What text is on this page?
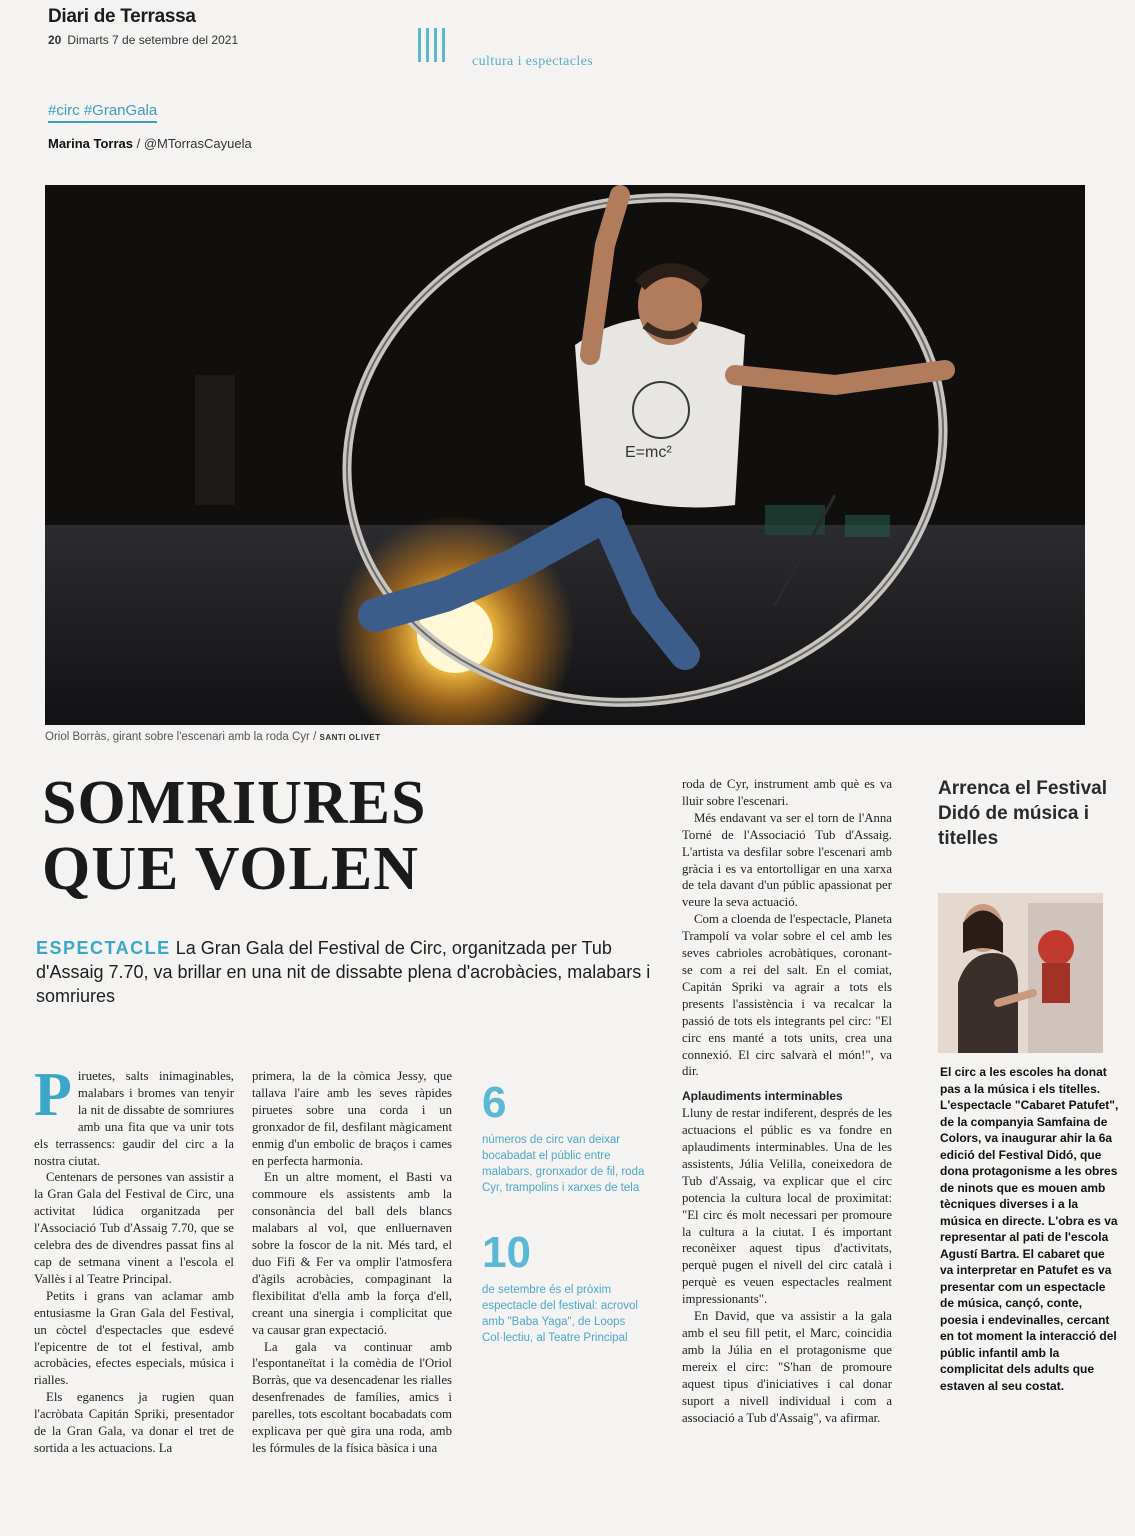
Diari de Terrassa
20 Dimarts 7 de setembre del 2021
cultura i espectacles
#circ #GranGala
Marina Torras / @MTorrasCayuela
E=mc²
Oriol Borràs, girant sobre l'escenari amb la roda Cyr / SANTI OLIVET
SOMRIURES
QUE VOLEN
ESPECTACLE La Gran Gala del Festival de Circ, organitzada per Tub d'Assaig 7.70, va brillar en una nit de dissabte plena d'acrobàcies, malabars i somriures

Piruetes, salts inimaginables, malabars i bromes van tenyir la nit de dissabte de somriures amb una fita que va unir tots els terrassencs: gaudir del circ a la nostra ciutat.

Centenars de persones van assistir a la Gran Gala del Festival de Circ, una activitat lúdica organitzada per l'Associació Tub d'Assaig 7.70, que se celebra des de divendres passat fins al cap de setmana vinent a l'escola el Vallès i al Teatre Principal.

Petits i grans van aclamar amb entusiasme la Gran Gala del Festival, un còctel d'espectacles que esdevé l'epicentre de tot el festival, amb acrobàcies, efectes especials, música i rialles.

Els eganencs ja rugien quan l'acròbata Capitán Spriki, presentador de la Gran Gala, va donar el tret de sortida a les actuacions. La

primera, la de la còmica Jessy, que tallava l'aire amb les seves ràpides piruetes sobre una corda i un gronxador de fil, desfilant màgicament enmig d'un embolic de braços i cames en perfecta harmonia.

En un altre moment, el Basti va commoure els assistents amb la consonància del ball dels blancs malabars al vol, que enlluernaven sobre la foscor de la nit. Més tard, el duo Fifi & Fer va omplir l'atmosfera d'àgils acrobàcies, compaginant la flexibilitat d'ella amb la força d'ell, creant una sinergia i complicitat que va causar gran expectació.

La gala va continuar amb l'espontaneïtat i la comèdia de l'Oriol Borràs, que va desencadenar les rialles desenfrenades de famílies, amics i parelles, tots escoltant bocabadats com explicava per què gira una roda, amb les fórmules de la física bàsica i una

6
números de circ van deixar bocabadat el públic entre malabars, gronxador de fil, roda Cyr, trampolins i xarxes de tela
10
de setembre és el pròxim espectacle del festival: acrovol amb "Baba Yaga", de Loops Col·lectiu, al Teatre Principal

roda de Cyr, instrument amb què es va lluir sobre l'escenari.

Més endavant va ser el torn de l'Anna Torné de l'Associació Tub d'Assaig. L'artista va desfilar sobre l'escenari amb gràcia i es va entortolligar en una xarxa de tela davant d'un públic apassionat per veure la seva actuació.

Com a cloenda de l'espectacle, Planeta Trampolí va volar sobre el cel amb les seves cabrioles acrobàtiques, coronant-se com a rei del salt. En el comiat, Capitán Spriki va agrair a tots els presents l'assistència i va recalcar la passió de tots els integrants pel circ: "El circ ens manté a tots units, crea una connexió. El circ salvarà el món!", va dir.

Aplaudiments interminables

Lluny de restar indiferent, després de les actuacions el públic es va fondre en aplaudiments interminables. Una de les assistents, Júlia Velilla, coneixedora de Tub d'Assaig, va explicar que el circ potencia la cultura local de proximitat: "El circ és molt necessari per promoure la cultura a la ciutat. I és important reconèixer aquest tipus d'activitats, perquè pugen el nivell del circ català i perquè es veuen espectacles realment impressionants".

En David, que va assistir a la gala amb el seu fill petit, el Marc, coincidia amb la Júlia en el protagonisme que mereix el circ: "S'han de promoure aquest tipus d'iniciatives i cal donar suport a nivell individual i com a associació a Tub d'Assaig", va afirmar.

Arrenca el Festival Didó de música i titelles
El circ a les escoles ha donat pas a la música i els titelles. L'espectacle "Cabaret Patufet", de la companyia Samfaina de Colors, va inaugurar ahir la 6a edició del Festival Didó, que dona protagonisme a les obres de ninots que es mouen amb tècniques diverses i a la música en directe. L'obra es va representar al pati de l'escola Agustí Bartra. El cabaret que va interpretar en Patufet es va presentar com un espectacle de música, cançó, conte, poesia i endevinalles, cercant en tot moment la interacció del públic infantil amb la complicitat dels adults que estaven al seu costat.
